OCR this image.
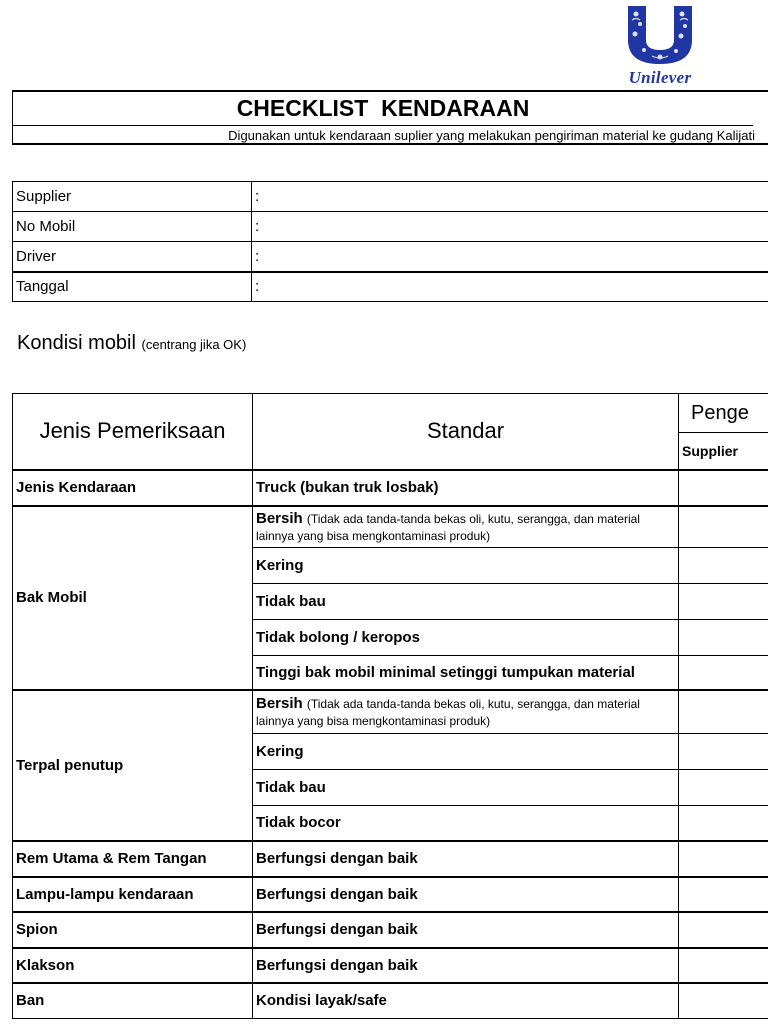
Unilever
CHECKLIST  KENDARAAN
Digunakan untuk kendaraan suplier yang melakukan pengiriman material ke gudang Kalijati
Supplier	:
No Mobil	:
Driver	:
Tanggal	:
Kondisi mobil (centrang jika OK)
Jenis Pemeriksaan	Standar	Penge
		Supplier
Jenis Kendaraan	Truck (bukan truk losbak)	
Bak Mobil	Bersih (Tidak ada tanda-tanda bekas oli, kutu, serangga, dan material lainnya yang bisa mengkontaminasi produk)	
	Kering	
	Tidak bau	
	Tidak bolong / keropos	
	Tinggi bak mobil minimal setinggi tumpukan material	
Terpal penutup	Bersih (Tidak ada tanda-tanda bekas oli, kutu, serangga, dan material lainnya yang bisa mengkontaminasi produk)	
	Kering	
	Tidak bau	
	Tidak bocor	
Rem Utama & Rem Tangan	Berfungsi dengan baik	
Lampu-lampu kendaraan	Berfungsi dengan baik	
Spion	Berfungsi dengan baik	
Klakson	Berfungsi dengan baik	
Ban	Kondisi layak/safe	
